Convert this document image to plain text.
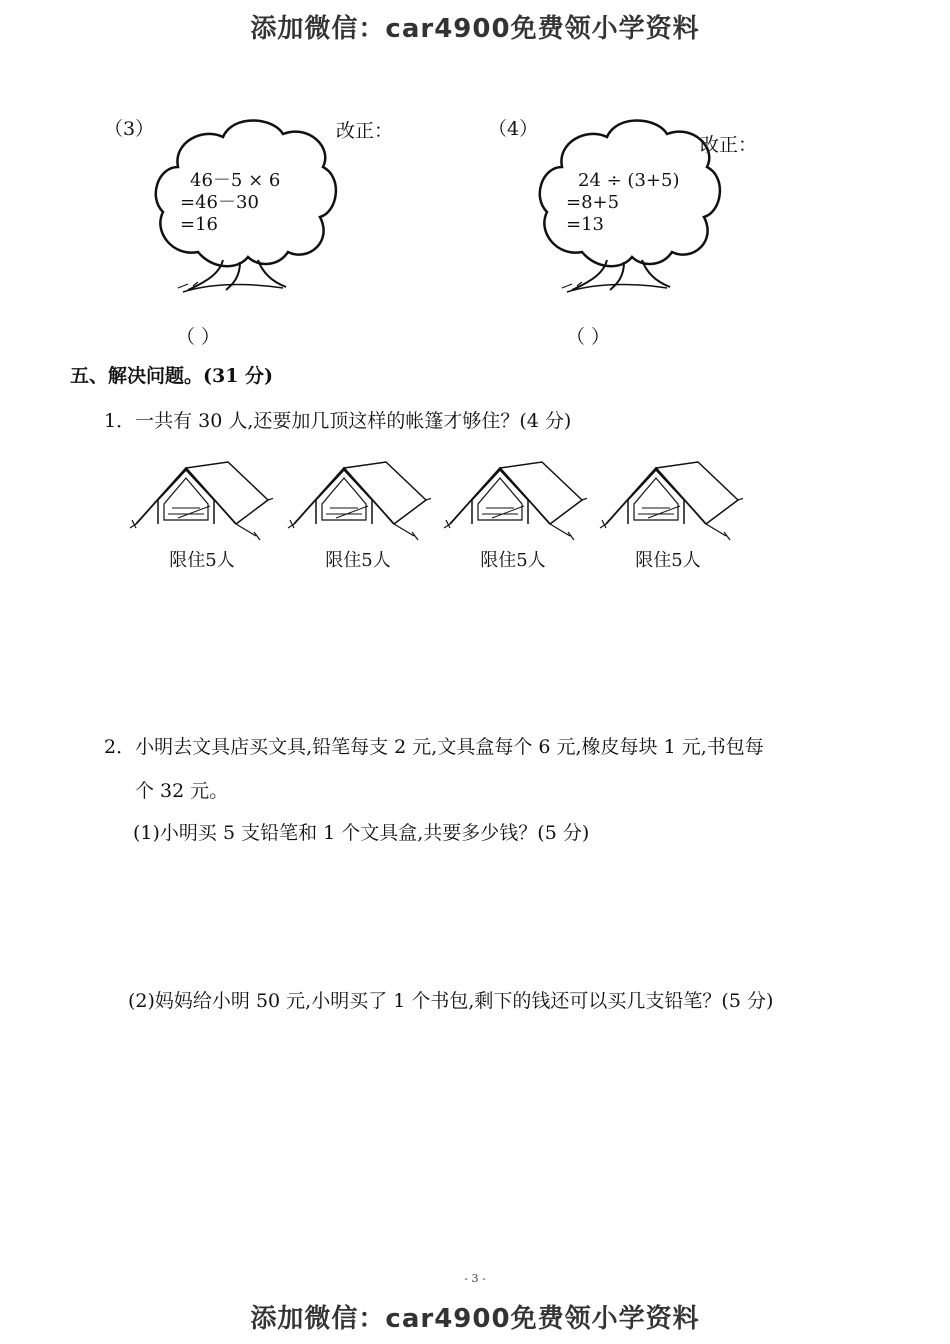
添加微信：car4900免费领小学资料
（3）
46－5 × 6
=46－30
=16
改正：
（ ）
（4）
24 ÷ (3+5)
=8+5
=13
改正：
（ ）
五、解决问题。(31 分)
1．一共有 30 人,还要加几顶这样的帐篷才够住？(4 分)
限住5人	限住5人	限住5人	限住5人
2．小明去文具店买文具,铅笔每支 2 元,文具盒每个 6 元,橡皮每块 1 元,书包每
个 32 元。
(1)小明买 5 支铅笔和 1 个文具盒,共要多少钱？(5 分)
(2)妈妈给小明 50 元,小明买了 1 个书包,剩下的钱还可以买几支铅笔？(5 分)
- 3 -
添加微信：car4900免费领小学资料
